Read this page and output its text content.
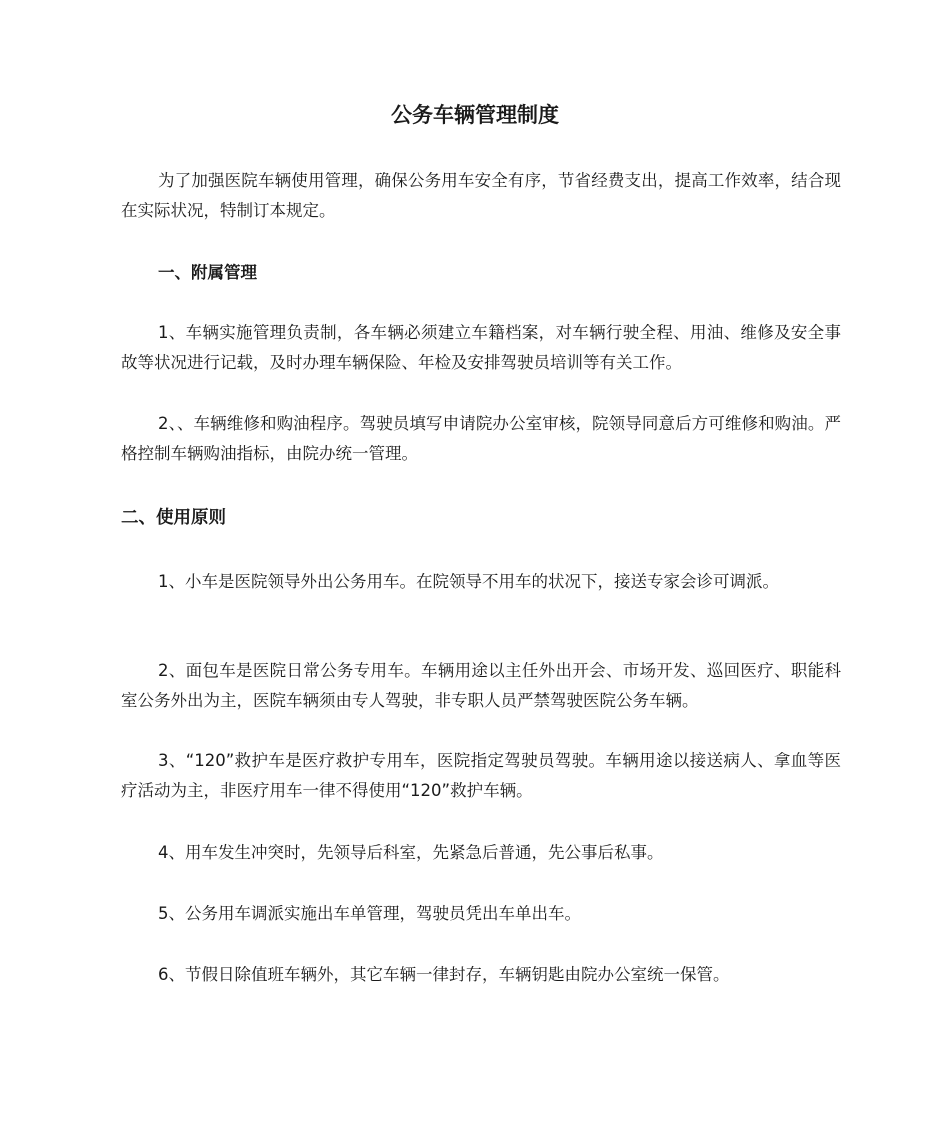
公务车辆管理制度

为了加强医院车辆使用管理，确保公务用车安全有序，节省经费支出，提高工作效率，结合现在实际状况，特制订本规定。

一、附属管理

1、车辆实施管理负责制，各车辆必须建立车籍档案，对车辆行驶全程、用油、维修及安全事故等状况进行记载，及时办理车辆保险、年检及安排驾驶员培训等有关工作。

2、、车辆维修和购油程序。驾驶员填写申请院办公室审核，院领导同意后方可维修和购油。严格控制车辆购油指标，由院办统一管理。

二、使用原则

1、小车是医院领导外出公务用车。在院领导不用车的状况下，接送专家会诊可调派。

2、面包车是医院日常公务专用车。车辆用途以主任外出开会、市场开发、巡回医疗、职能科室公务外出为主，医院车辆须由专人驾驶，非专职人员严禁驾驶医院公务车辆。

3、“120”救护车是医疗救护专用车，医院指定驾驶员驾驶。车辆用途以接送病人、拿血等医疗活动为主，非医疗用车一律不得使用“120”救护车辆。

4、用车发生冲突时，先领导后科室，先紧急后普通，先公事后私事。

5、公务用车调派实施出车单管理，驾驶员凭出车单出车。

6、节假日除值班车辆外，其它车辆一律封存，车辆钥匙由院办公室统一保管。
